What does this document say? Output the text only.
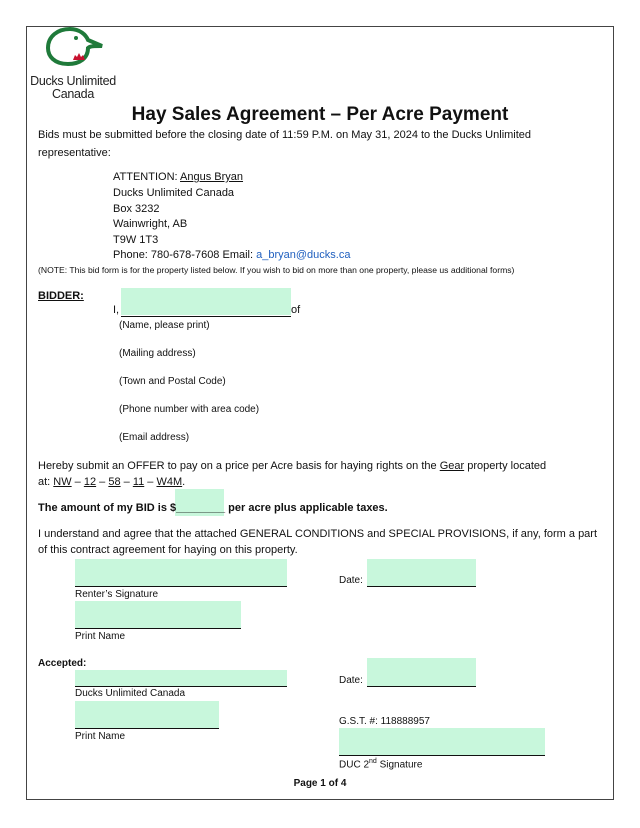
Ducks Unlimited
Canada
Hay Sales Agreement – Per Acre Payment
Bids must be submitted before the closing date of 11:59 P.M. on May 31, 2024 to the Ducks Unlimited
representative:
ATTENTION: Angus Bryan
Ducks Unlimited Canada
Box 3232
Wainwright, AB
T9W 1T3
Phone: 780-678-7608 Email: a_bryan@ducks.ca
(NOTE: This bid form is for the property listed below. If you wish to bid on more than one property, please us additional forms)
BIDDER:
I,	of
(Name, please print)
(Mailing address)
(Town and Postal Code)
(Phone number with area code)
(Email address)
Hereby submit an OFFER to pay on a price per Acre basis for haying rights on the Gear property located
at: NW – 12 – 58 – 11 – W4M.
The amount of my BID is $________ per acre plus applicable taxes.
I understand and agree that the attached GENERAL CONDITIONS and SPECIAL PROVISIONS, if any, form a part
of this contract agreement for haying on this property.
Renter’s Signature
Date:
Print Name
Accepted:
Ducks Unlimited Canada
Date:
Print Name
G.S.T. #: 118888957
DUC 2nd Signature
Page 1 of 4
